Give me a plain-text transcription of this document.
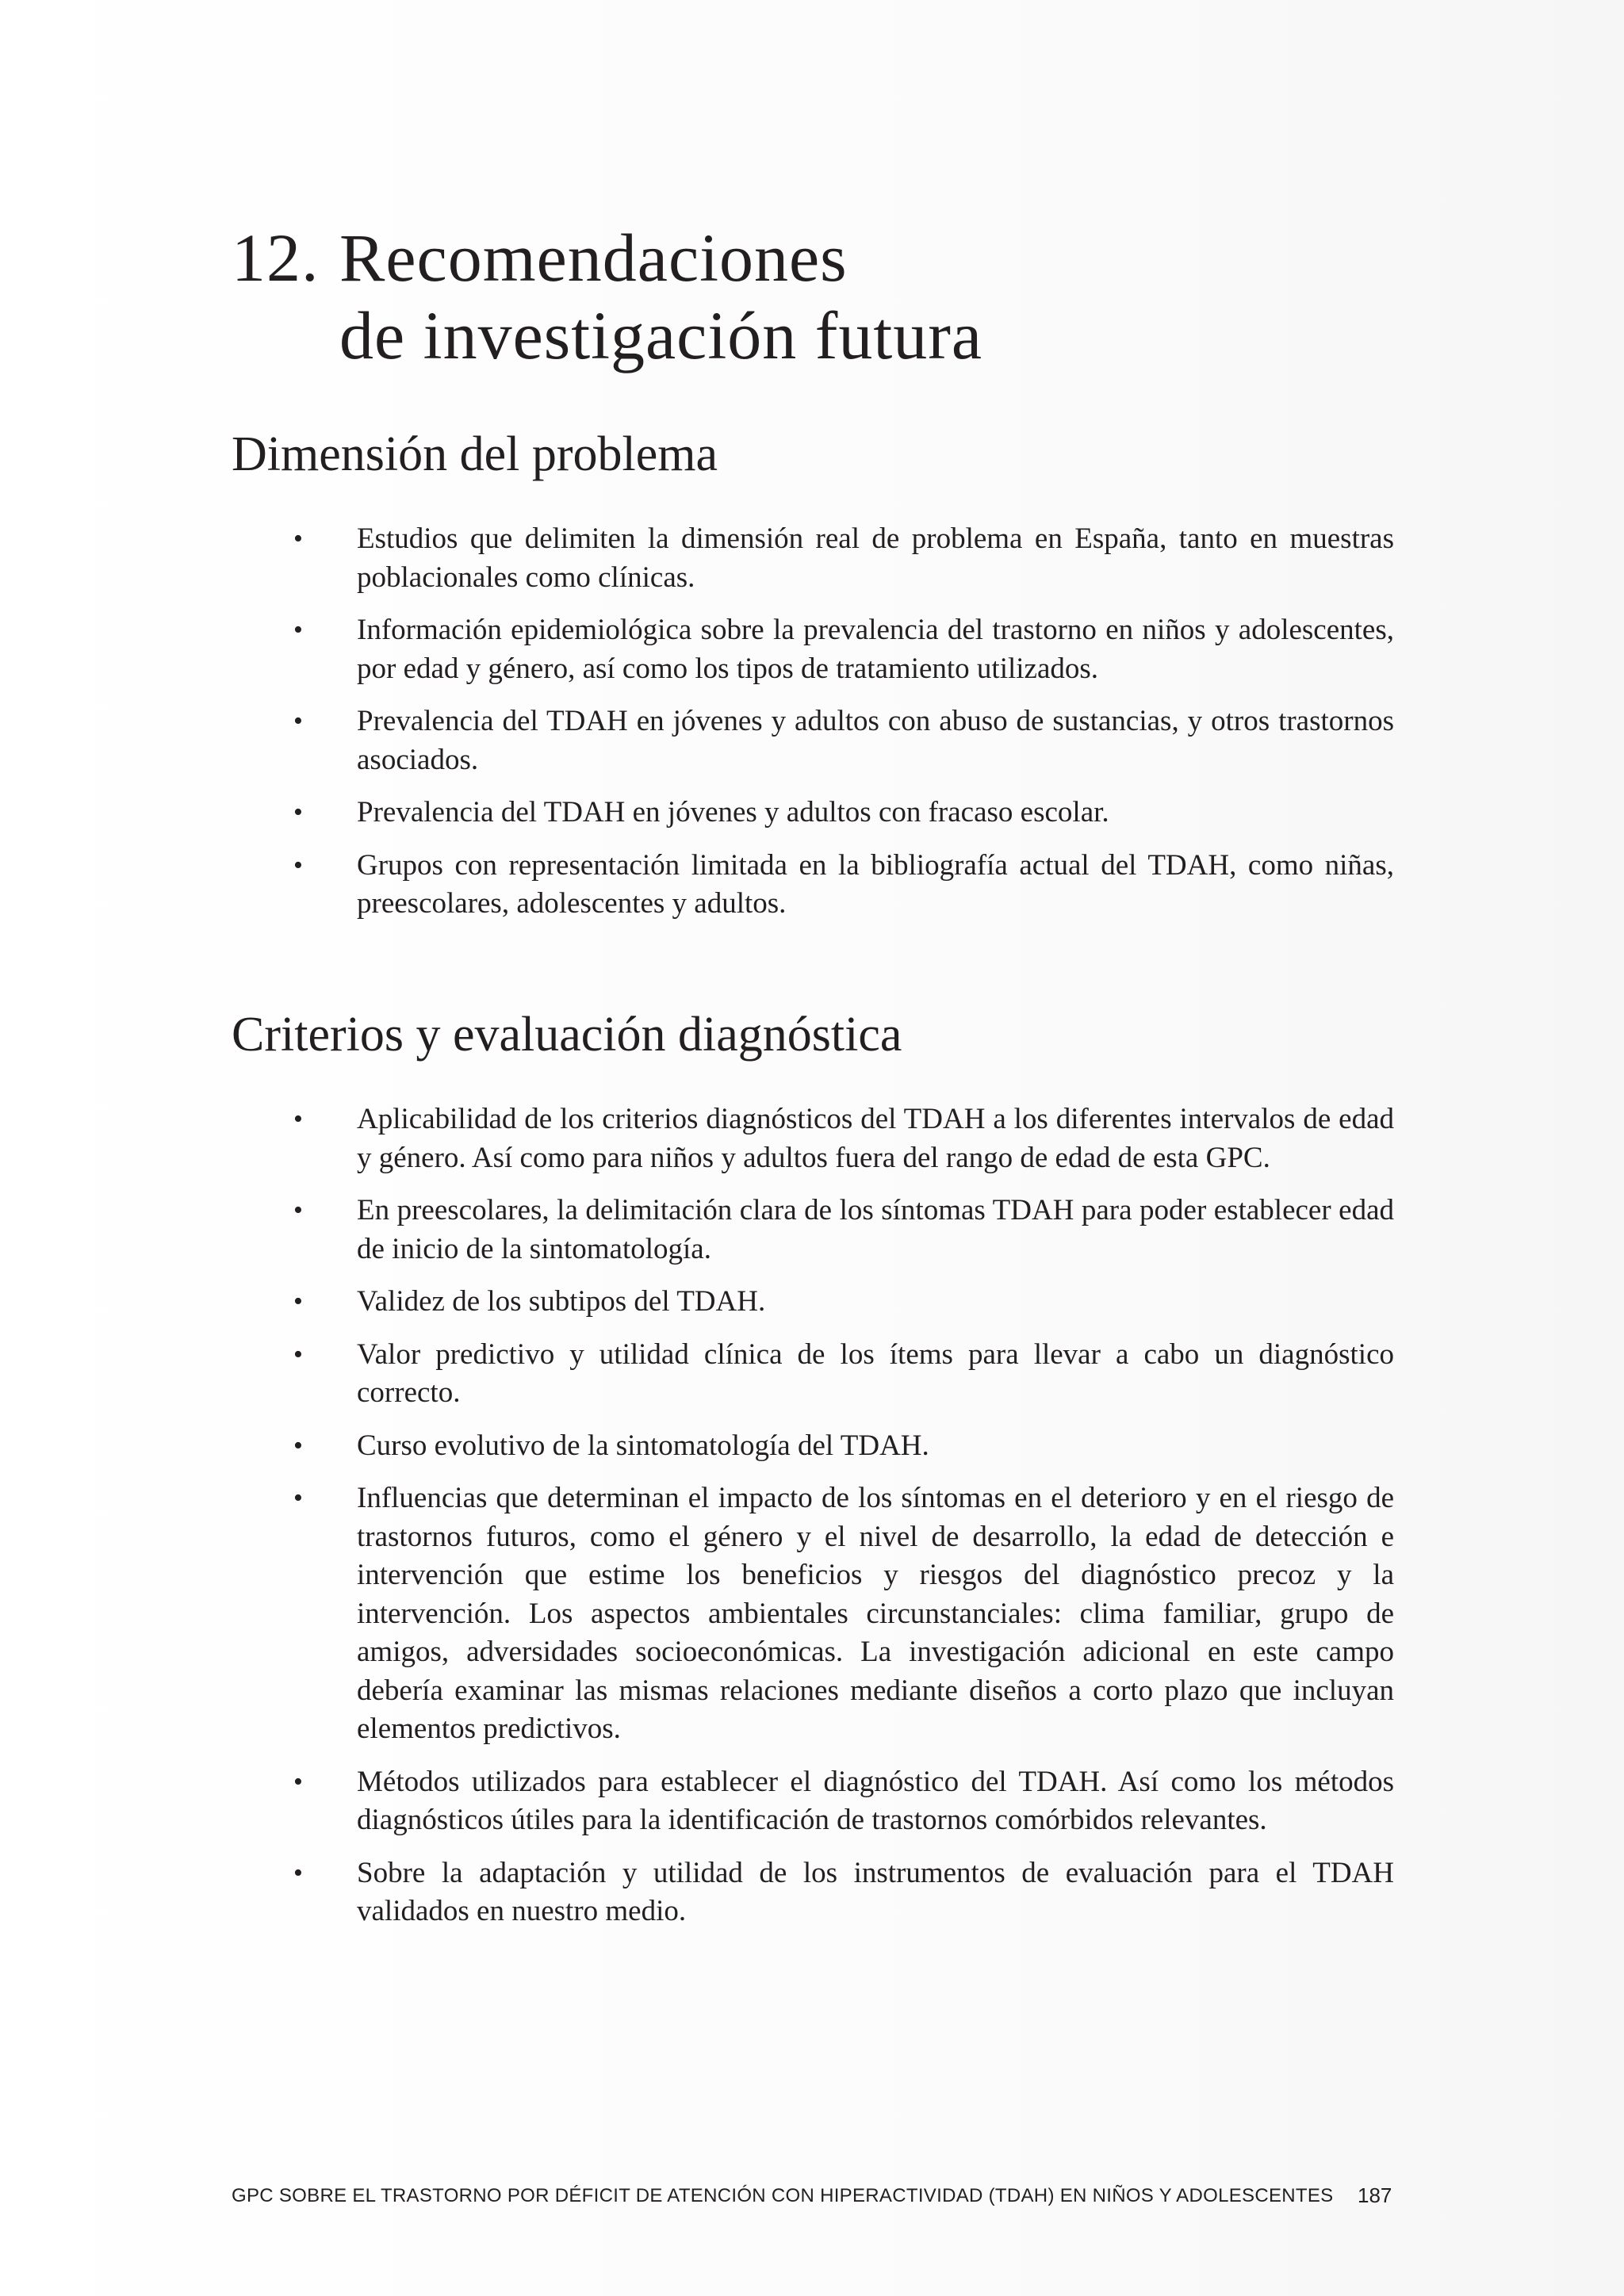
12. Recomendaciones
de investigación futura
Dimensión del problema
•	Estudios que delimiten la dimensión real de problema en España, tanto en muestras poblacionales como clínicas.
•	Información epidemiológica sobre la prevalencia del trastorno en niños y adolescentes, por edad y género, así como los tipos de tratamiento utilizados.
•	Prevalencia del TDAH en jóvenes y adultos con abuso de sustancias, y otros trastornos asociados.
•	Prevalencia del TDAH en jóvenes y adultos con fracaso escolar.
•	Grupos con representación limitada en la bibliografía actual del TDAH, como niñas, preescolares, adolescentes y adultos.
Criterios y evaluación diagnóstica
•	Aplicabilidad de los criterios diagnósticos del TDAH a los diferentes intervalos de edad y género. Así como para niños y adultos fuera del rango de edad de esta GPC.
•	En preescolares, la delimitación clara de los síntomas TDAH para poder establecer edad de inicio de la sintomatología.
•	Validez de los subtipos del TDAH.
•	Valor predictivo y utilidad clínica de los ítems para llevar a cabo un diagnóstico correcto.
•	Curso evolutivo de la sintomatología del TDAH.
•	Influencias que determinan el impacto de los síntomas en el deterioro y en el riesgo de trastornos futuros, como el género y el nivel de desarrollo, la edad de detección e intervención que estime los beneficios y riesgos del diagnóstico precoz y la intervención. Los aspectos ambientales circunstanciales: clima familiar, grupo de amigos, adversidades socioeconómicas. La investigación adicional en este campo debería examinar las mismas relaciones mediante diseños a corto plazo que incluyan elementos predictivos.
•	Métodos utilizados para establecer el diagnóstico del TDAH. Así como los métodos diagnósticos útiles para la identificación de trastornos comórbidos relevantes.
•	Sobre la adaptación y utilidad de los instrumentos de evaluación para el TDAH validados en nuestro medio.
GPC SOBRE EL TRASTORNO POR DÉFICIT DE ATENCIÓN CON HIPERACTIVIDAD (TDAH) EN NIÑOS Y ADOLESCENTES 187
